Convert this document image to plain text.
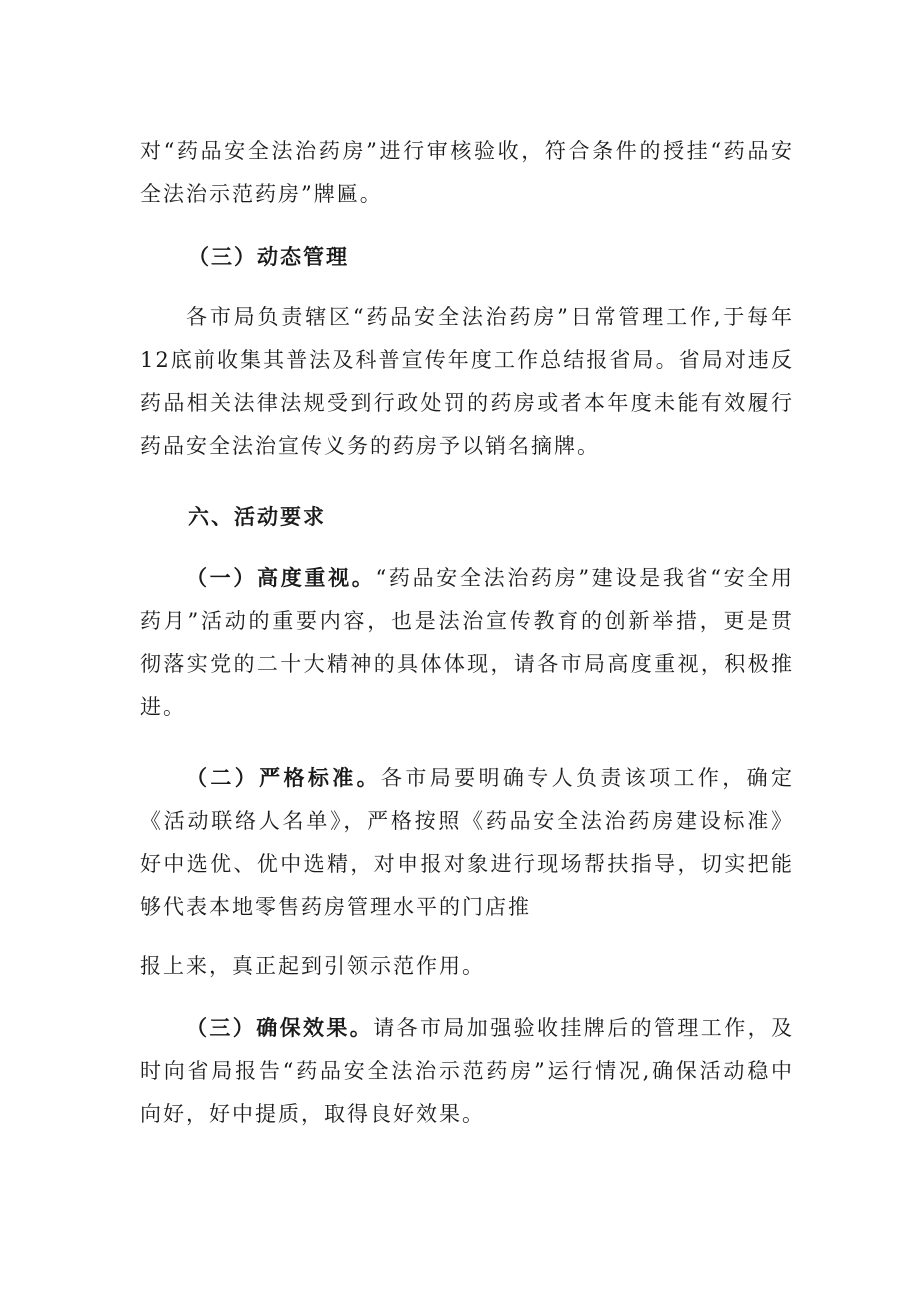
对“药品安全法治药房”进行审核验收，符合条件的授挂“药品安全法治示范药房”牌匾。

（三）动态管理

各市局负责辖区“药品安全法治药房”日常管理工作,于每年12底前收集其普法及科普宣传年度工作总结报省局。省局对违反药品相关法律法规受到行政处罚的药房或者本年度未能有效履行药品安全法治宣传义务的药房予以销名摘牌。

六、活动要求

（一）高度重视。“药品安全法治药房”建设是我省“安全用药月”活动的重要内容，也是法治宣传教育的创新举措，更是贯彻落实党的二十大精神的具体体现，请各市局高度重视，积极推进。

（二）严格标准。各市局要明确专人负责该项工作，确定《活动联络人名单》，严格按照《药品安全法治药房建设标准》好中选优、优中选精，对申报对象进行现场帮扶指导，切实把能够代表本地零售药房管理水平的门店推

报上来，真正起到引领示范作用。

（三）确保效果。请各市局加强验收挂牌后的管理工作，及时向省局报告“药品安全法治示范药房”运行情况,确保活动稳中向好，好中提质，取得良好效果。
